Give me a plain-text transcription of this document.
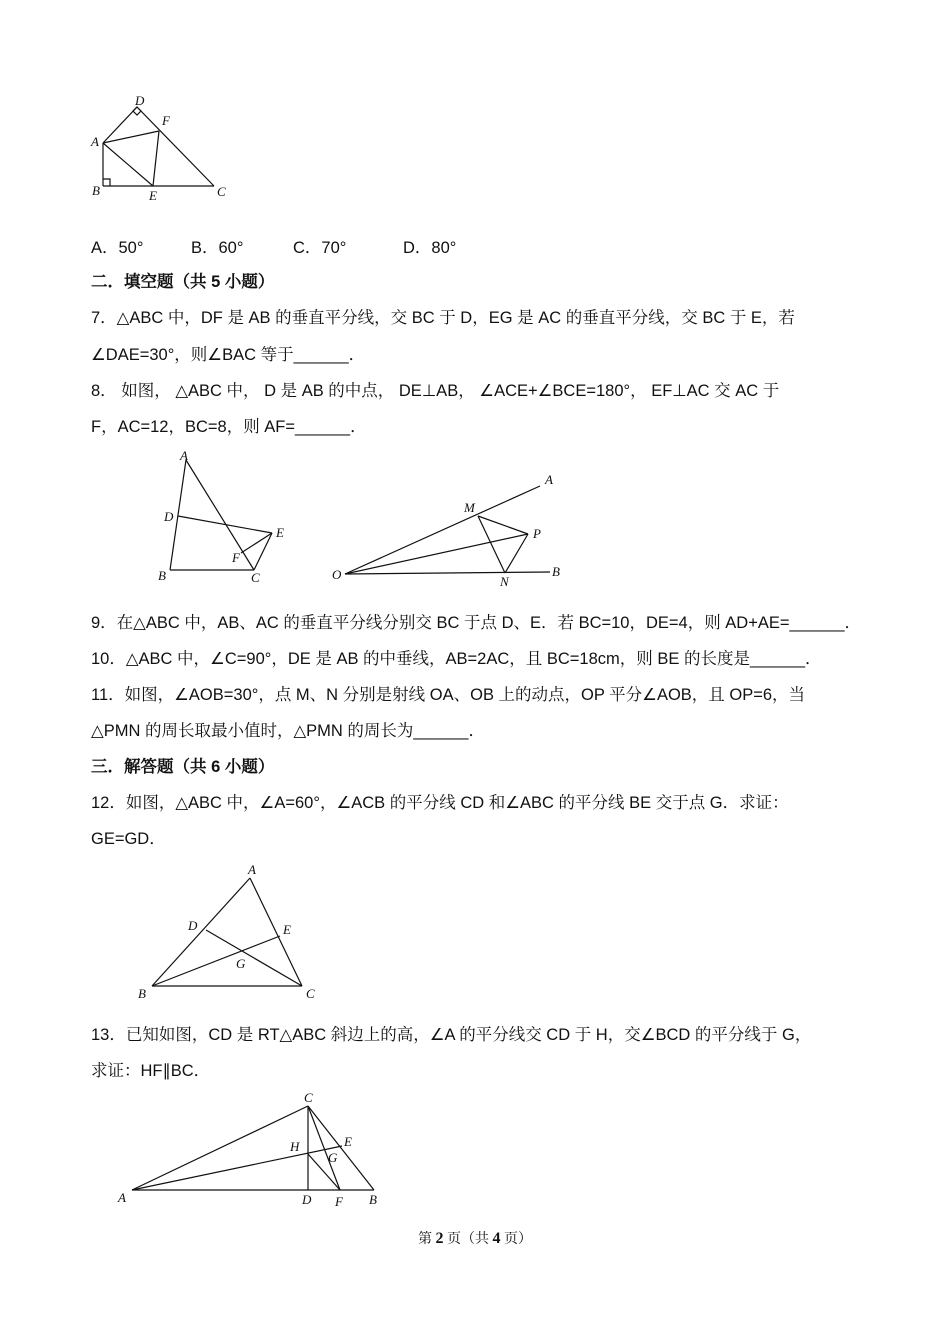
D
F
A
B	E	C
A．50°	B．60°	C．70°	D．80°
二．填空题（共 5 小题）
7．△ABC 中，DF 是 AB 的垂直平分线，交 BC 于 D，EG 是 AC 的垂直平分线，交 BC 于 E，若
∠DAE=30°，则∠BAC 等于______．
8． 如图， △ABC 中， D 是 AB 的中点， DE⊥AB， ∠ACE+∠BCE=180°， EF⊥AC 交 AC 于
F，AC=12，BC=8，则 AF=______．
A
D
E
F
B	C
A
M
P
O	N
B
9．在△ABC 中，AB、AC 的垂直平分线分别交 BC 于点 D、E．若 BC=10，DE=4，则 AD+AE=______．
10．△ABC 中，∠C=90°，DE 是 AB 的中垂线，AB=2AC，且 BC=18cm，则 BE 的长度是______．
11．如图，∠AOB=30°，点 M、N 分别是射线 OA、OB 上的动点，OP 平分∠AOB，且 OP=6，当
△PMN 的周长取最小值时，△PMN 的周长为______．
三．解答题（共 6 小题）
12．如图，△ABC 中，∠A=60°，∠ACB 的平分线 CD 和∠ABC 的平分线 BE 交于点 G．求证：
GE=GD．
A
D	E
G
B	C
13．已知如图，CD 是 RT△ABC 斜边上的高，∠A 的平分线交 CD 于 H，交∠BCD 的平分线于 G，
求证：HF∥BC．
C
H	E
G
A	D F B
第 2 页（共 4 页）
